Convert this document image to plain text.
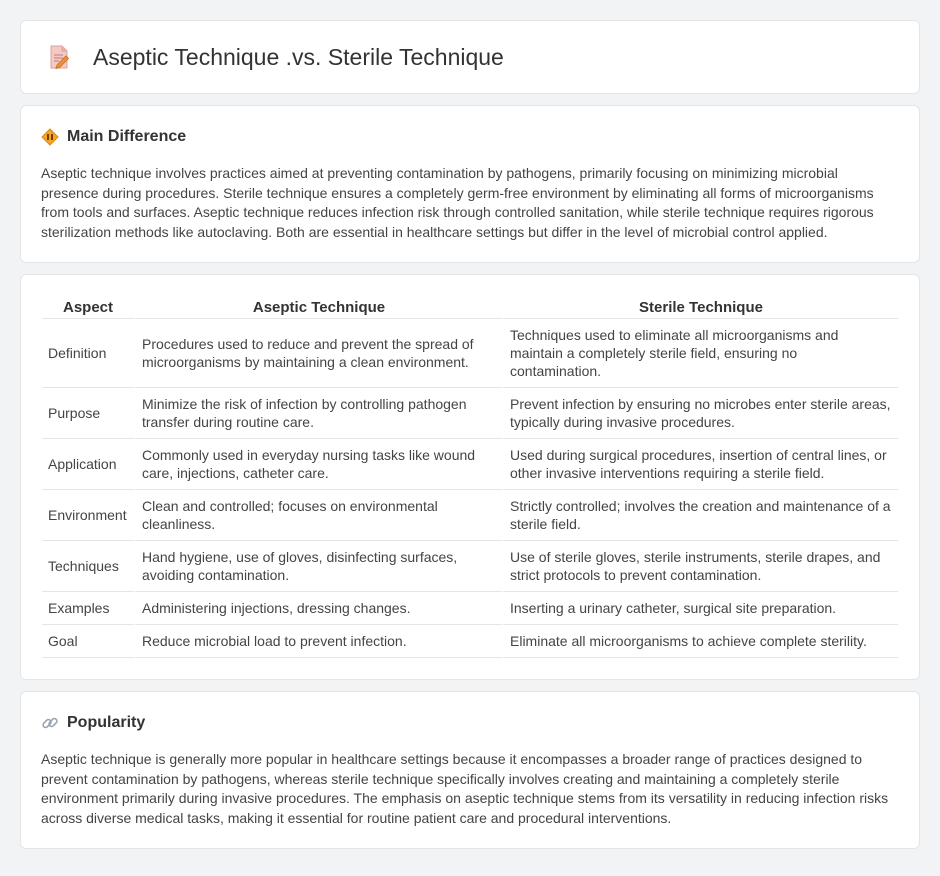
Aseptic Technique .vs. Sterile Technique
Main Difference

Aseptic technique involves practices aimed at preventing contamination by pathogens, primarily focusing on minimizing microbial presence during procedures. Sterile technique ensures a completely germ-free environment by eliminating all forms of microorganisms from tools and surfaces. Aseptic technique reduces infection risk through controlled sanitation, while sterile technique requires rigorous sterilization methods like autoclaving. Both are essential in healthcare settings but differ in the level of microbial control applied.

Aspect	Aseptic Technique	Sterile Technique
Definition	Procedures used to reduce and prevent the spread of microorganisms by maintaining a clean environment.	Techniques used to eliminate all microorganisms and maintain a completely sterile field, ensuring no contamination.
Purpose	Minimize the risk of infection by controlling pathogen transfer during routine care.	Prevent infection by ensuring no microbes enter sterile areas, typically during invasive procedures.
Application	Commonly used in everyday nursing tasks like wound care, injections, catheter care.	Used during surgical procedures, insertion of central lines, or other invasive interventions requiring a sterile field.
Environment	Clean and controlled; focuses on environmental cleanliness.	Strictly controlled; involves the creation and maintenance of a sterile field.
Techniques	Hand hygiene, use of gloves, disinfecting surfaces, avoiding contamination.	Use of sterile gloves, sterile instruments, sterile drapes, and strict protocols to prevent contamination.
Examples	Administering injections, dressing changes.	Inserting a urinary catheter, surgical site preparation.
Goal	Reduce microbial load to prevent infection.	Eliminate all microorganisms to achieve complete sterility.
Popularity

Aseptic technique is generally more popular in healthcare settings because it encompasses a broader range of practices designed to prevent contamination by pathogens, whereas sterile technique specifically involves creating and maintaining a completely sterile environment primarily during invasive procedures. The emphasis on aseptic technique stems from its versatility in reducing infection risks across diverse medical tasks, making it essential for routine patient care and procedural interventions.
